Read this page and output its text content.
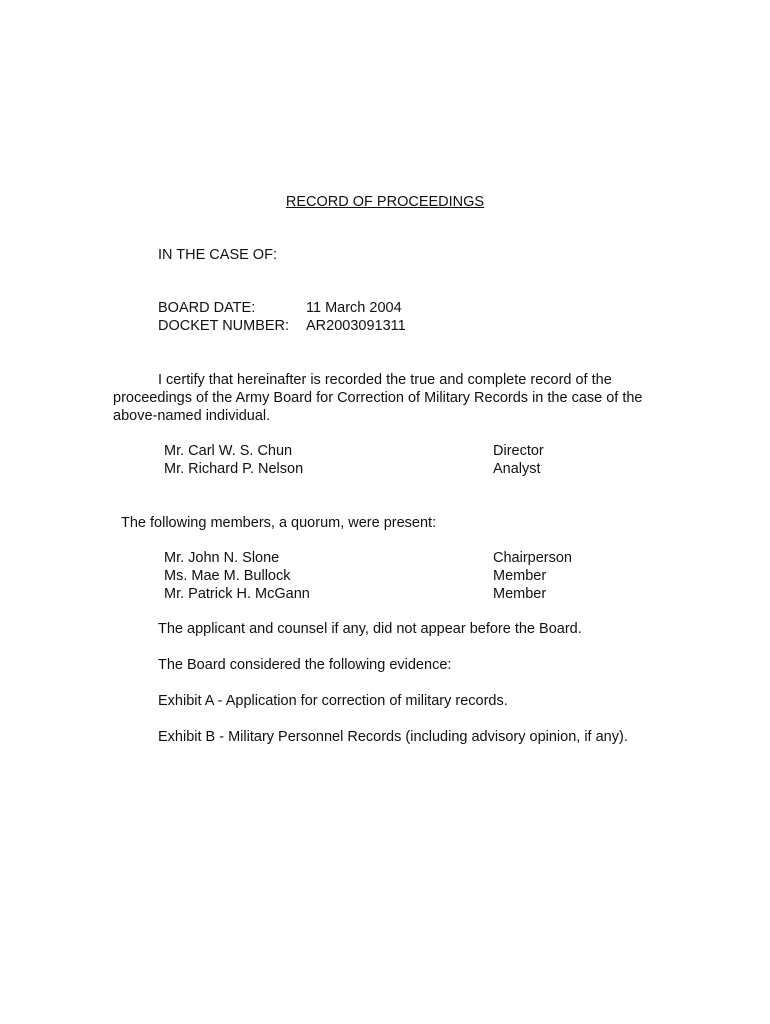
RECORD OF PROCEEDINGS
IN THE CASE OF:
BOARD DATE:	11 March 2004
DOCKET NUMBER: AR2003091311
I certify that hereinafter is recorded the true and complete record of the proceedings of the Army Board for Correction of Military Records in the case of the above-named individual.
Mr. Carl W. S. Chun	Director
Mr. Richard P. Nelson	Analyst
The following members, a quorum, were present:
Mr. John N. Slone	Chairperson
Ms. Mae M. Bullock	Member
Mr. Patrick H. McGann	Member
The applicant and counsel if any, did not appear before the Board.
The Board considered the following evidence:
Exhibit A - Application for correction of military records.
Exhibit B - Military Personnel Records (including advisory opinion, if any).
